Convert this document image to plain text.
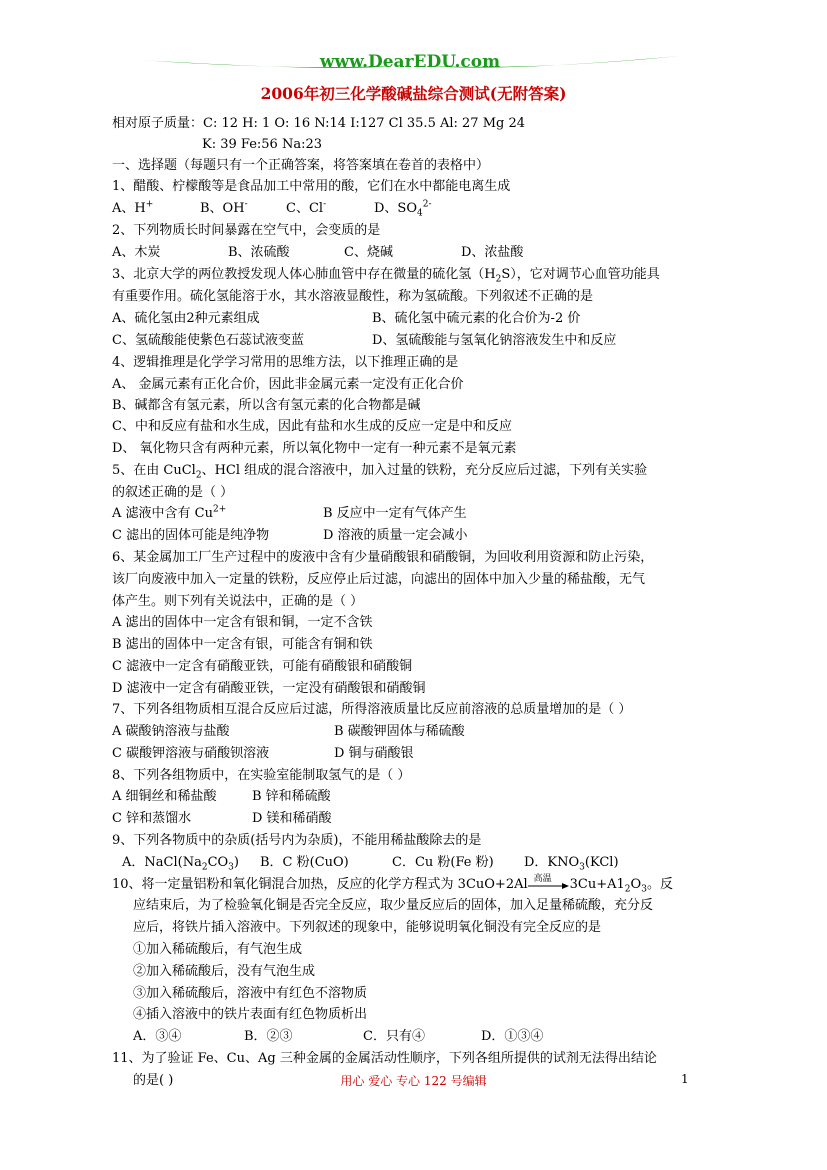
www.DearEDU.com
2006年初三化学酸碱盐综合测试(无附答案)
相对原子质量：C: 12 H: 1 O: 16 N:14 I:127 Cl 35.5 Al: 27 Mg 24
K: 39 Fe:56 Na:23
一、选择题（每题只有一个正确答案，将答案填在卷首的表格中）
1、醋酸、柠檬酸等是食品加工中常用的酸，它们在水中都能电离生成
A、H+	B、OH-	C、Cl-	D、$SO_4^{2-}$
2、下列物质长时间暴露在空气中，会变质的是
A、木炭	B、浓硫酸	C、烧碱	D、浓盐酸
3、北京大学的两位教授发现人体心肺血管中存在微量的硫化氢$(H_2S)$，它对调节心血管功能具
有重要作用。硫化氢能溶于水，其水溶液显酸性，称为氢硫酸。下列叙述不正确的是
A、硫化氢由2种元素组成	B、硫化氢中硫元素的化合价为-2 价
C、氢硫酸能使紫色石蕊试液变蓝	D、氢硫酸能与氢氧化钠溶液发生中和反应
4、逻辑推理是化学学习常用的思维方法，以下推理正确的是
A、 金属元素有正化合价，因此非金属元素一定没有正化合价
B、碱都含有氢元素，所以含有氢元素的化合物都是碱
C、中和反应有盐和水生成，因此有盐和水生成的反应一定是中和反应
D、 氧化物只含有两种元素，所以氧化物中一定有一种元素不是氧元素
5、在由 CuCl$_2$、HCl 组成的混合溶液中，加入过量的铁粉，充分反应后过滤，下列有关实验
的叙述正确的是（ ）
A 滤液中含有 $Cu^{2+}$	B 反应中一定有气体产生
C 滤出的固体可能是纯净物	D 溶液的质量一定会减小
6、某金属加工厂生产过程中的废液中含有少量硝酸银和硝酸铜，为回收利用资源和防止污染，
该厂向废液中加入一定量的铁粉，反应停止后过滤，向滤出的固体中加入少量的稀盐酸，无气
体产生。则下列有关说法中，正确的是（ ）
A 滤出的固体中一定含有银和铜，一定不含铁
B 滤出的固体中一定含有银，可能含有铜和铁
C 滤液中一定含有硝酸亚铁，可能有硝酸银和硝酸铜
D 滤液中一定含有硝酸亚铁，一定没有硝酸银和硝酸铜
7、下列各组物质相互混合反应后过滤，所得溶液质量比反应前溶液的总质量增加的是（ ）
A 碳酸钠溶液与盐酸	B 碳酸钾固体与稀硫酸
C 碳酸钾溶液与硝酸钡溶液	D 铜与硝酸银
8、下列各组物质中，在实验室能制取氢气的是（ ）
A 细铜丝和稀盐酸	B 锌和稀硫酸
C 锌和蒸馏水	D 镁和稀硝酸
9、下列各物质中的杂质(括号内为杂质)，不能用稀盐酸除去的是
A．$NaCl(Na_2CO_3)$	B．C 粉(CuO)	C．Cu 粉(Fe 粉)	D．$KNO_3(KCl)$
10、将一定量铝粉和氧化铜混合加热，反应的化学方程式为 3CuO+2Al 高温 $3Cu+A1_2O_3$。反
应结束后，为了检验氧化铜是否完全反应，取少量反应后的固体，加入足量稀硫酸，充分反
应后，将铁片插入溶液中。下列叙述的现象中，能够说明氧化铜没有完全反应的是
①加入稀硫酸后，有气泡生成
②加入稀硫酸后，没有气泡生成
③加入稀硫酸后，溶液中有红色不溶物质
④插入溶液中的铁片表面有红色物质析出
A．③④	B．②③	C．只有④	D．①③④
11、为了验证 Fe、Cu、Ag 三种金属的金属活动性顺序，下列各组所提供的试剂无法得出结论
的是( )	用心 爱心 专心 122 号编辑	1
